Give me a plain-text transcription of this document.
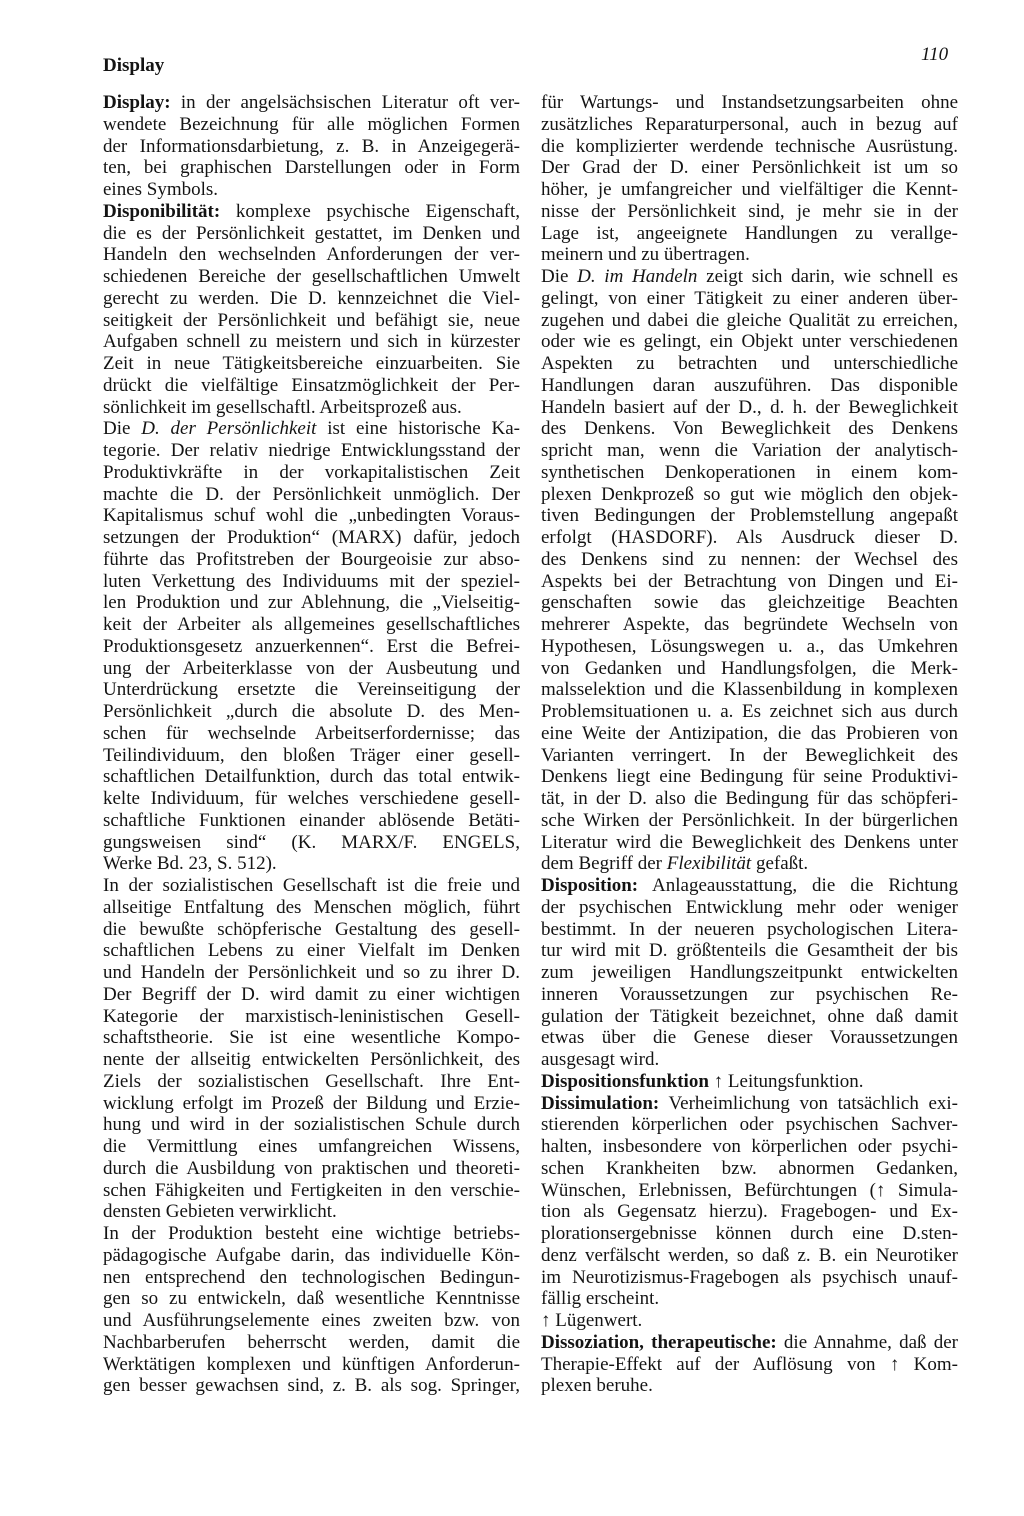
Display
110
Display: in der angelsächsischen Literatur oft ver-
wendete Bezeichnung für alle möglichen Formen
der Informationsdarbietung, z. B. in Anzeigegerä-
ten, bei graphischen Darstellungen oder in Form
eines Symbols.
Disponibilität: komplexe psychische Eigenschaft,
die es der Persönlichkeit gestattet, im Denken und
Handeln den wechselnden Anforderungen der ver-
schiedenen Bereiche der gesellschaftlichen Umwelt
gerecht zu werden. Die D. kennzeichnet die Viel-
seitigkeit der Persönlichkeit und befähigt sie, neue
Aufgaben schnell zu meistern und sich in kürzester
Zeit in neue Tätigkeitsbereiche einzuarbeiten. Sie
drückt die vielfältige Einsatzmöglichkeit der Per-
sönlichkeit im gesellschaftl. Arbeitsprozeß aus.
Die D. der Persönlichkeit ist eine historische Ka-
tegorie. Der relativ niedrige Entwicklungsstand der
Produktivkräfte in der vorkapitalistischen Zeit
machte die D. der Persönlichkeit unmöglich. Der
Kapitalismus schuf wohl die „unbedingten Voraus-
setzungen der Produktion“ (MARX) dafür, jedoch
führte das Profitstreben der Bourgeoisie zur abso-
luten Verkettung des Individuums mit der speziel-
len Produktion und zur Ablehnung, die „Vielseitig-
keit der Arbeiter als allgemeines gesellschaftliches
Produktionsgesetz anzuerkennen“. Erst die Befrei-
ung der Arbeiterklasse von der Ausbeutung und
Unterdrückung ersetzte die Vereinseitigung der
Persönlichkeit „durch die absolute D. des Men-
schen für wechselnde Arbeitserfordernisse; das
Teilindividuum, den bloßen Träger einer gesell-
schaftlichen Detailfunktion, durch das total entwik-
kelte Individuum, für welches verschiedene gesell-
schaftliche Funktionen einander ablösende Betäti-
gungsweisen sind“ (K. MARX/F. ENGELS,
Werke Bd. 23, S. 512).
In der sozialistischen Gesellschaft ist die freie und
allseitige Entfaltung des Menschen möglich, führt
die bewußte schöpferische Gestaltung des gesell-
schaftlichen Lebens zu einer Vielfalt im Denken
und Handeln der Persönlichkeit und so zu ihrer D.
Der Begriff der D. wird damit zu einer wichtigen
Kategorie der marxistisch-leninistischen Gesell-
schaftstheorie. Sie ist eine wesentliche Kompo-
nente der allseitig entwickelten Persönlichkeit, des
Ziels der sozialistischen Gesellschaft. Ihre Ent-
wicklung erfolgt im Prozeß der Bildung und Erzie-
hung und wird in der sozialistischen Schule durch
die Vermittlung eines umfangreichen Wissens,
durch die Ausbildung von praktischen und theoreti-
schen Fähigkeiten und Fertigkeiten in den verschie-
densten Gebieten verwirklicht.
In der Produktion besteht eine wichtige betriebs-
pädagogische Aufgabe darin, das individuelle Kön-
nen entsprechend den technologischen Bedingun-
gen so zu entwickeln, daß wesentliche Kenntnisse
und Ausführungselemente eines zweiten bzw. von
Nachbarberufen beherrscht werden, damit die
Werktätigen komplexen und künftigen Anforderun-
gen besser gewachsen sind, z. B. als sog. Springer,
für Wartungs- und Instandsetzungsarbeiten ohne
zusätzliches Reparaturpersonal, auch in bezug auf
die komplizierter werdende technische Ausrüstung.
Der Grad der D. einer Persönlichkeit ist um so
höher, je umfangreicher und vielfältiger die Kennt-
nisse der Persönlichkeit sind, je mehr sie in der
Lage ist, angeeignete Handlungen zu verallge-
meinern und zu übertragen.
Die D. im Handeln zeigt sich darin, wie schnell es
gelingt, von einer Tätigkeit zu einer anderen über-
zugehen und dabei die gleiche Qualität zu erreichen,
oder wie es gelingt, ein Objekt unter verschiedenen
Aspekten zu betrachten und unterschiedliche
Handlungen daran auszuführen. Das disponible
Handeln basiert auf der D., d. h. der Beweglichkeit
des Denkens. Von Beweglichkeit des Denkens
spricht man, wenn die Variation der analytisch-
synthetischen Denkoperationen in einem kom-
plexen Denkprozeß so gut wie möglich den objek-
tiven Bedingungen der Problemstellung angepaßt
erfolgt (HASDORF). Als Ausdruck dieser D.
des Denkens sind zu nennen: der Wechsel des
Aspekts bei der Betrachtung von Dingen und Ei-
genschaften sowie das gleichzeitige Beachten
mehrerer Aspekte, das begründete Wechseln von
Hypothesen, Lösungswegen u. a., das Umkehren
von Gedanken und Handlungsfolgen, die Merk-
malsselektion und die Klassenbildung in komplexen
Problemsituationen u. a. Es zeichnet sich aus durch
eine Weite der Antizipation, die das Probieren von
Varianten verringert. In der Beweglichkeit des
Denkens liegt eine Bedingung für seine Produktivi-
tät, in der D. also die Bedingung für das schöpferi-
sche Wirken der Persönlichkeit. In der bürgerlichen
Literatur wird die Beweglichkeit des Denkens unter
dem Begriff der Flexibilität gefaßt.
Disposition: Anlageausstattung, die die Richtung
der psychischen Entwicklung mehr oder weniger
bestimmt. In der neueren psychologischen Litera-
tur wird mit D. größtenteils die Gesamtheit der bis
zum jeweiligen Handlungszeitpunkt entwickelten
inneren Voraussetzungen zur psychischen Re-
gulation der Tätigkeit bezeichnet, ohne daß damit
etwas über die Genese dieser Voraussetzungen
ausgesagt wird.
Dispositionsfunktion ↑ Leitungsfunktion.
Dissimulation: Verheimlichung von tatsächlich exi-
stierenden körperlichen oder psychischen Sachver-
halten, insbesondere von körperlichen oder psychi-
schen Krankheiten bzw. abnormen Gedanken,
Wünschen, Erlebnissen, Befürchtungen (↑ Simula-
tion als Gegensatz hierzu). Fragebogen- und Ex-
plorationsergebnisse können durch eine D.sten-
denz verfälscht werden, so daß z. B. ein Neurotiker
im Neurotizismus-Fragebogen als psychisch unauf-
fällig erscheint.
↑ Lügenwert.
Dissoziation, therapeutische: die Annahme, daß der
Therapie-Effekt auf der Auflösung von ↑ Kom-
plexen beruhe.
